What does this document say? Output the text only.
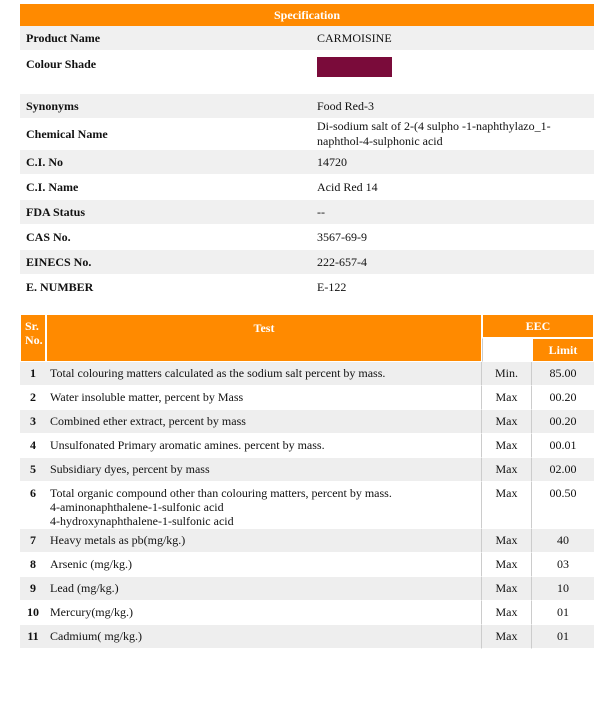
Specification	
Product Name	CARMOISINE
Colour Shade	
Synonyms	Food Red-3
Chemical Name	Di-sodium salt of 2-(4 sulpho -1-naphthylazo_1-naphthol-4-sulphonic acid
C.I. No	14720
C.I. Name	Acid Red 14
FDA Status	--
CAS No.	3567-69-9
EINECS No.	222-657-4
E. NUMBER	E-122
Sr.
No.	Test	EEC	
			Limit
1	Total colouring matters calculated as the sodium salt percent by mass.	Min.	85.00
2	Water insoluble matter, percent by Mass	Max	00.20
3	Combined ether extract, percent by mass	Max	00.20
4	Unsulfonated Primary aromatic amines. percent by mass.	Max	00.01
5	Subsidiary dyes, percent by mass	Max	02.00
6	Total organic compound other than colouring matters, percent by mass.
4-aminonaphthalene-1-sulfonic acid
4-hydroxynaphthalene-1-sulfonic acid	Max	00.50
7	Heavy metals as pb(mg/kg.)	Max	40
8	Arsenic (mg/kg.)	Max	03
9	Lead (mg/kg.)	Max	10
10	Mercury(mg/kg.)	Max	01
11	Cadmium( mg/kg.)	Max	01
